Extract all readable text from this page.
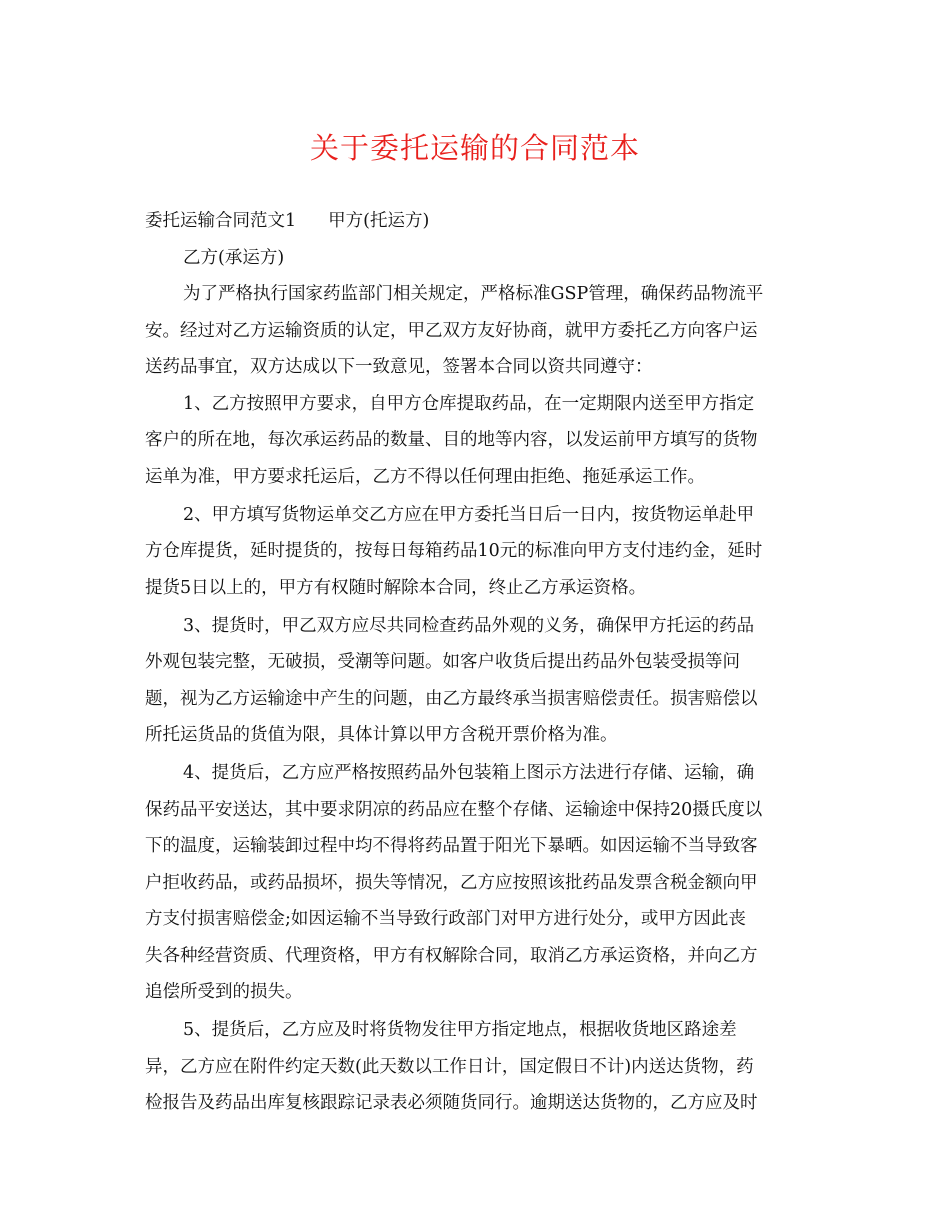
关于委托运输的合同范本
委托运输合同范文1 甲方(托运方)
乙方(承运方)
为了严格执行国家药监部门相关规定，严格标准GSP管理，确保药品物流平
安。经过对乙方运输资质的认定，甲乙双方友好协商，就甲方委托乙方向客户运
送药品事宜，双方达成以下一致意见，签署本合同以资共同遵守：
1、乙方按照甲方要求，自甲方仓库提取药品，在一定期限内送至甲方指定
客户的所在地，每次承运药品的数量、目的地等内容，以发运前甲方填写的货物
运单为准，甲方要求托运后，乙方不得以任何理由拒绝、拖延承运工作。
2、甲方填写货物运单交乙方应在甲方委托当日后一日内，按货物运单赴甲
方仓库提货，延时提货的，按每日每箱药品10元的标准向甲方支付违约金，延时
提货5日以上的，甲方有权随时解除本合同，终止乙方承运资格。
3、提货时，甲乙双方应尽共同检查药品外观的义务，确保甲方托运的药品
外观包装完整，无破损，受潮等问题。如客户收货后提出药品外包装受损等问
题，视为乙方运输途中产生的问题，由乙方最终承当损害赔偿责任。损害赔偿以
所托运货品的货值为限，具体计算以甲方含税开票价格为准。
4、提货后，乙方应严格按照药品外包装箱上图示方法进行存储、运输，确
保药品平安送达，其中要求阴凉的药品应在整个存储、运输途中保持20摄氏度以
下的温度，运输装卸过程中均不得将药品置于阳光下暴晒。如因运输不当导致客
户拒收药品，或药品损坏，损失等情况，乙方应按照该批药品发票含税金额向甲
方支付损害赔偿金;如因运输不当导致行政部门对甲方进行处分，或甲方因此丧
失各种经营资质、代理资格，甲方有权解除合同，取消乙方承运资格，并向乙方
追偿所受到的损失。
5、提货后，乙方应及时将货物发往甲方指定地点，根据收货地区路途差
异，乙方应在附件约定天数(此天数以工作日计，国定假日不计)内送达货物，药
检报告及药品出库复核跟踪记录表必须随货同行。逾期送达货物的，乙方应及时
